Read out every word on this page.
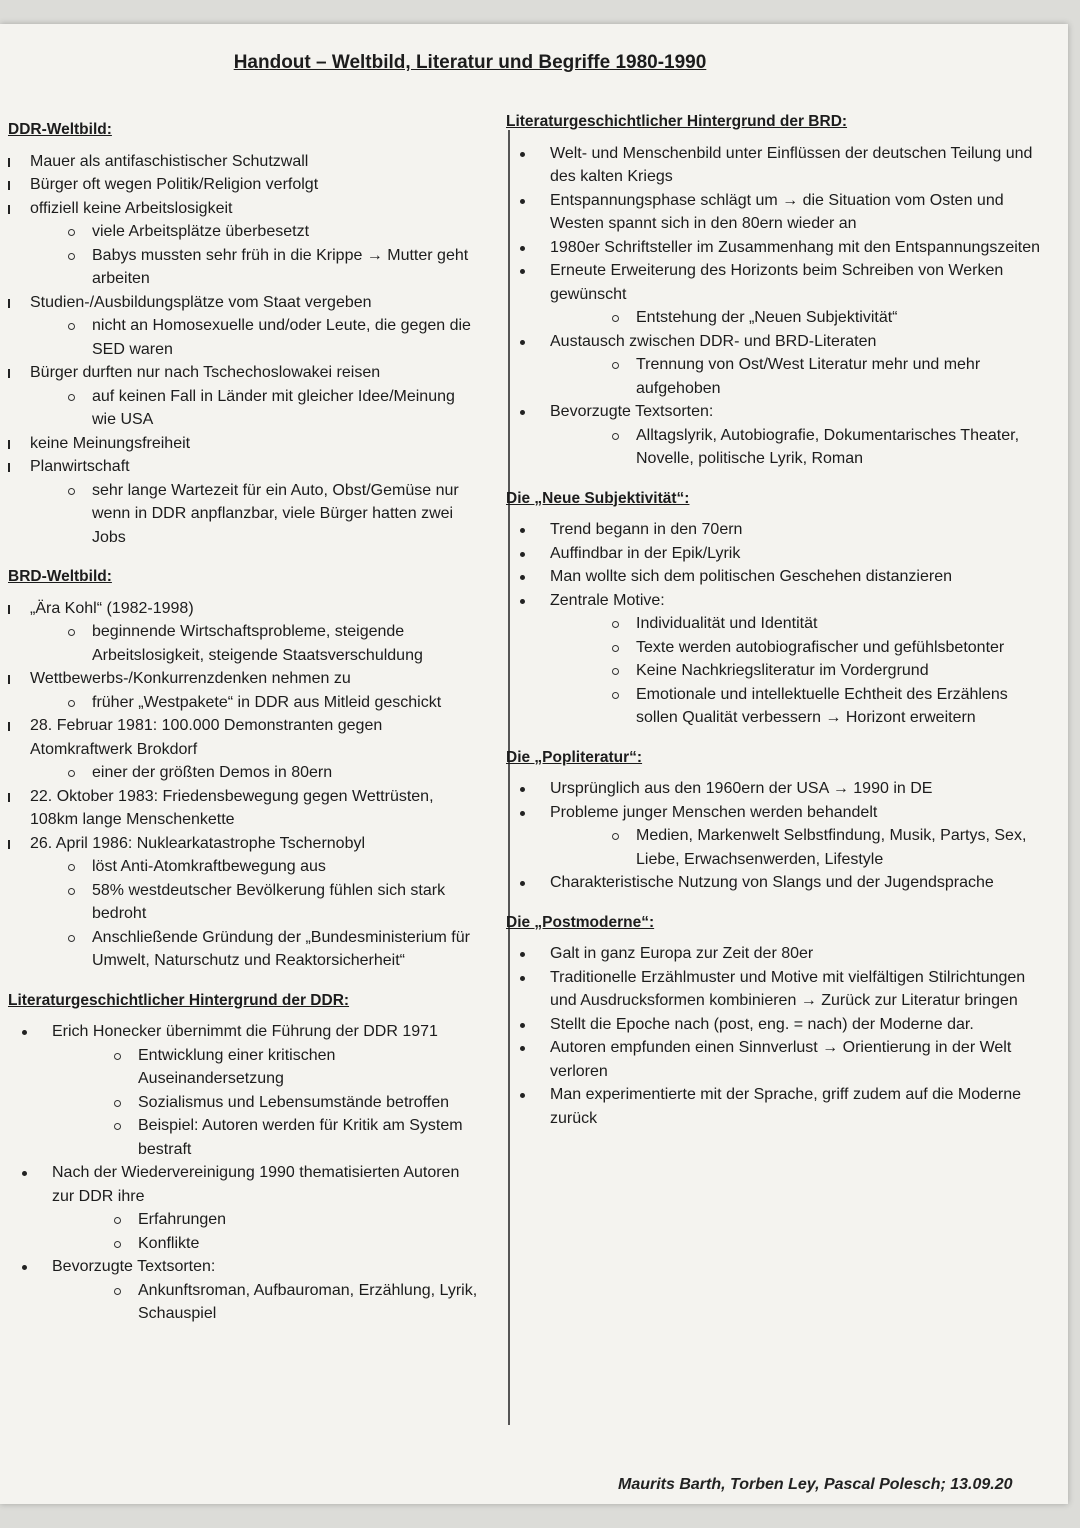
Handout – Weltbild, Literatur und Begriffe 1980-1990
DDR-Weltbild:
Mauer als antifaschistischer Schutzwall
Bürger oft wegen Politik/Religion verfolgt
offiziell keine Arbeitslosigkeit
viele Arbeitsplätze überbesetzt
Babys mussten sehr früh in die Krippe → Mutter geht arbeiten
Studien-/Ausbildungsplätze vom Staat vergeben
nicht an Homosexuelle und/oder Leute, die gegen die SED waren
Bürger durften nur nach Tschechoslowakei reisen
auf keinen Fall in Länder mit gleicher Idee/Meinung wie USA
keine Meinungsfreiheit
Planwirtschaft
sehr lange Wartezeit für ein Auto, Obst/Gemüse nur wenn in DDR anpflanzbar, viele Bürger hatten zwei Jobs
BRD-Weltbild:
„Ära Kohl“ (1982-1998)
beginnende Wirtschaftsprobleme, steigende Arbeitslosigkeit, steigende Staatsverschuldung
Wettbewerbs-/Konkurrenzdenken nehmen zu
früher „Westpakete“ in DDR aus Mitleid geschickt
28. Februar 1981: 100.000 Demonstranten gegen Atomkraftwerk Brokdorf
einer der größten Demos in 80ern
22. Oktober 1983: Friedensbewegung gegen Wettrüsten, 108km lange Menschenkette
26. April 1986: Nuklearkatastrophe Tschernobyl
löst Anti-Atomkraftbewegung aus
58% westdeutscher Bevölkerung fühlen sich stark bedroht
Anschließende Gründung der „Bundesministerium für Umwelt, Naturschutz und Reaktorsicherheit“
Literaturgeschichtlicher Hintergrund der DDR:
Erich Honecker übernimmt die Führung der DDR 1971
Entwicklung einer kritischen Auseinandersetzung
Sozialismus und Lebensumstände betroffen
Beispiel: Autoren werden für Kritik am System bestraft
Nach der Wiedervereinigung 1990 thematisierten Autoren zur DDR ihre
Erfahrungen
Konflikte
Bevorzugte Textsorten:
Ankunftsroman, Aufbauroman, Erzählung, Lyrik, Schauspiel
Literaturgeschichtlicher Hintergrund der BRD:
Welt- und Menschenbild unter Einflüssen der deutschen Teilung und des kalten Kriegs
Entspannungsphase schlägt um → die Situation vom Osten und Westen spannt sich in den 80ern wieder an
1980er Schriftsteller im Zusammenhang mit den Entspannungszeiten
Erneute Erweiterung des Horizonts beim Schreiben von Werken gewünscht
Entstehung der „Neuen Subjektivität“
Austausch zwischen DDR- und BRD-Literaten
Trennung von Ost/West Literatur mehr und mehr aufgehoben
Bevorzugte Textsorten:
Alltagslyrik, Autobiografie, Dokumentarisches Theater, Novelle, politische Lyrik, Roman
Die „Neue Subjektivität“:
Trend begann in den 70ern
Auffindbar in der Epik/Lyrik
Man wollte sich dem politischen Geschehen distanzieren
Zentrale Motive:
Individualität und Identität
Texte werden autobiografischer und gefühlsbetonter
Keine Nachkriegsliteratur im Vordergrund
Emotionale und intellektuelle Echtheit des Erzählens sollen Qualität verbessern → Horizont erweitern
Die „Popliteratur“:
Ursprünglich aus den 1960ern der USA → 1990 in DE
Probleme junger Menschen werden behandelt
Medien, Markenwelt Selbstfindung, Musik, Partys, Sex, Liebe, Erwachsenwerden, Lifestyle
Charakteristische Nutzung von Slangs und der Jugendsprache
Die „Postmoderne“:
Galt in ganz Europa zur Zeit der 80er
Traditionelle Erzählmuster und Motive mit vielfältigen Stilrichtungen und Ausdrucksformen kombinieren → Zurück zur Literatur bringen
Stellt die Epoche nach (post, eng. = nach) der Moderne dar.
Autoren empfunden einen Sinnverlust → Orientierung in der Welt verloren
Man experimentierte mit der Sprache, griff zudem auf die Moderne zurück
Maurits Barth, Torben Ley, Pascal Polesch; 13.09.20
